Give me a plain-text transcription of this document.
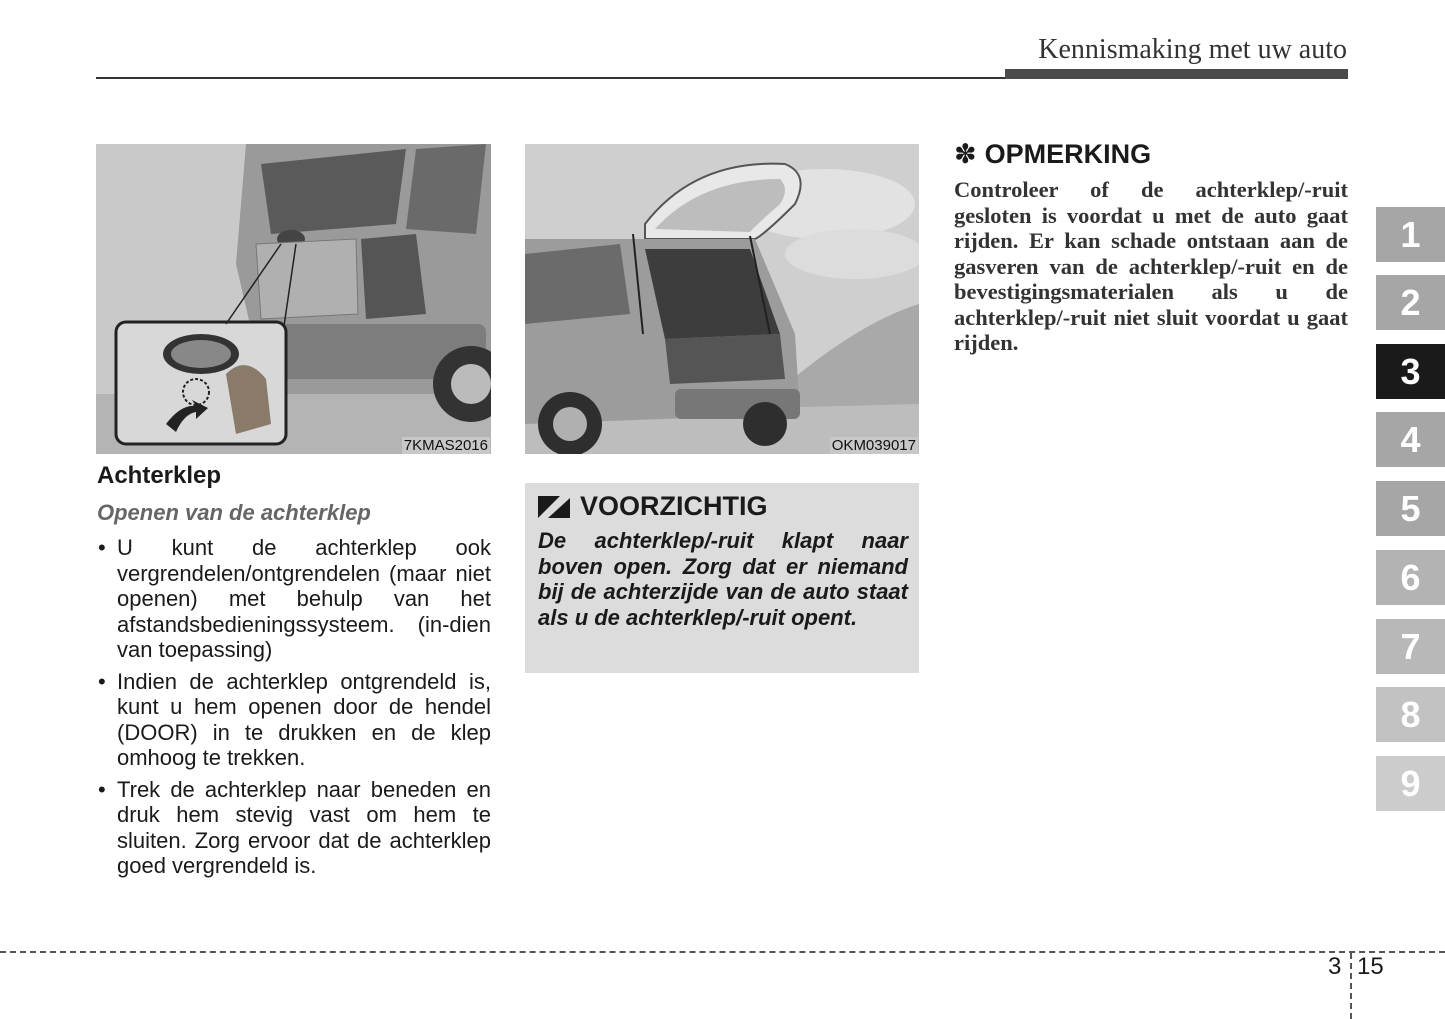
Kennismaking met uw auto
7KMAS2016	OKM039017
Achterklep
Openen van de achterklep
• U kunt de achterklep ook vergrendelen/ontgrendelen (maar niet openen) met behulp van het afstandsbedieningssysteem. (in-dien van toepassing)
• Indien de achterklep ontgrendeld is, kunt u hem openen door de hendel (DOOR) in te drukken en de klep omhoog te trekken.
• Trek de achterklep naar beneden en druk hem stevig vast om hem te sluiten. Zorg ervoor dat de achterklep goed vergrendeld is.
VOORZICHTIG

De achterklep/-ruit klapt naar boven open. Zorg dat er niemand bij de achterzijde van de auto staat als u de achterklep/-ruit opent.

✽ OPMERKING

Controleer of de achterklep/-ruit gesloten is voordat u met de auto gaat rijden. Er kan schade ontstaan aan de gasveren van de achterklep/-ruit en de bevestigingsmaterialen als u de achterklep/-ruit niet sluit voordat u gaat rijden.

1
2
3
4
5
6
7
8
9
3 15
